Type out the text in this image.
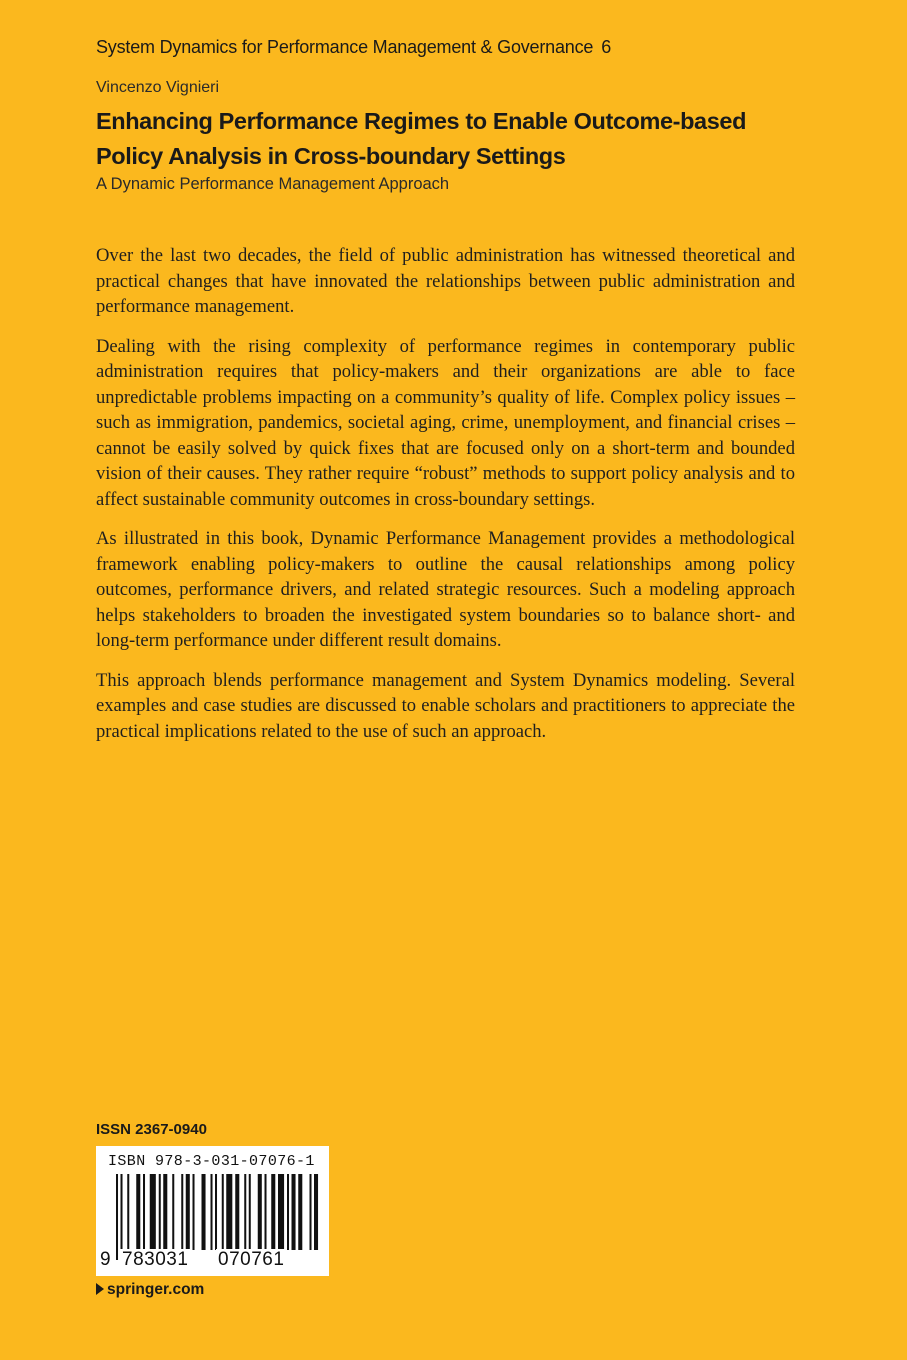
System Dynamics for Performance Management & Governance 6
Vincenzo Vignieri
Enhancing Performance Regimes to Enable Outcome-based Policy Analysis in Cross-boundary Settings
A Dynamic Performance Management Approach

Over the last two decades, the field of public administration has witnessed theoretical and practical changes that have innovated the relationships between public administration and performance management.

Dealing with the rising complexity of performance regimes in contemporary public administration requires that policy-makers and their organizations are able to face unpredictable problems impacting on a community’s quality of life. Complex policy issues – such as immigration, pandemics, societal aging, crime, unemployment, and financial crises – cannot be easily solved by quick fixes that are focused only on a short-term and bounded vision of their causes. They rather require “robust” methods to support policy analysis and to affect sustainable community outcomes in cross-boundary settings.

As illustrated in this book, Dynamic Performance Management provides a methodological framework enabling policy-makers to outline the causal relationships among policy outcomes, performance drivers, and related strategic resources. Such a modeling approach helps stakeholders to broaden the investigated system boundaries so to balance short- and long-term performance under different result domains.

This approach blends performance management and System Dynamics modeling. Several examples and case studies are discussed to enable scholars and practitioners to appreciate the practical implications related to the use of such an approach.

ISSN 2367-0940
ISBN 978-3-031-07076-1
9 783031 070761
springer.com
